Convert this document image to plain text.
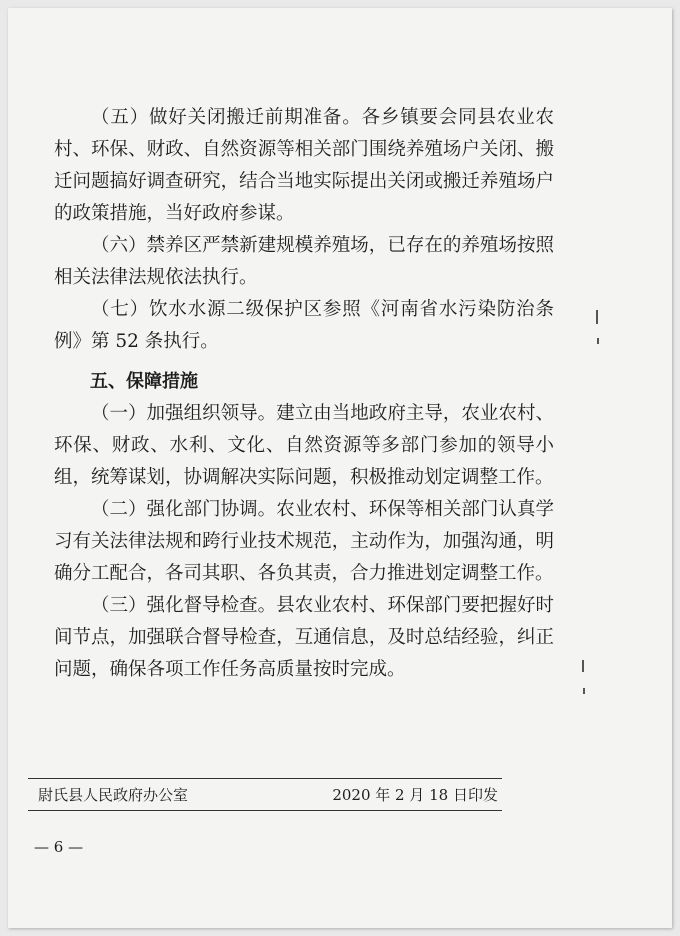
（五）做好关闭搬迁前期准备。各乡镇要会同县农业农村、环保、财政、自然资源等相关部门围绕养殖场户关闭、搬迁问题搞好调查研究，结合当地实际提出关闭或搬迁养殖场户的政策措施，当好政府参谋。

（六）禁养区严禁新建规模养殖场，已存在的养殖场按照相关法律法规依法执行。

（七）饮水水源二级保护区参照《河南省水污染防治条例》第 52 条执行。

五、保障措施

（一）加强组织领导。建立由当地政府主导，农业农村、环保、财政、水利、文化、自然资源等多部门参加的领导小组，统筹谋划，协调解决实际问题，积极推动划定调整工作。

（二）强化部门协调。农业农村、环保等相关部门认真学习有关法律法规和跨行业技术规范，主动作为，加强沟通，明确分工配合，各司其职、各负其责，合力推进划定调整工作。

（三）强化督导检查。县农业农村、环保部门要把握好时间节点，加强联合督导检查，互通信息，及时总结经验，纠正问题，确保各项工作任务高质量按时完成。

尉氏县人民政府办公室	2020 年 2 月 18 日印发
— 6 —
